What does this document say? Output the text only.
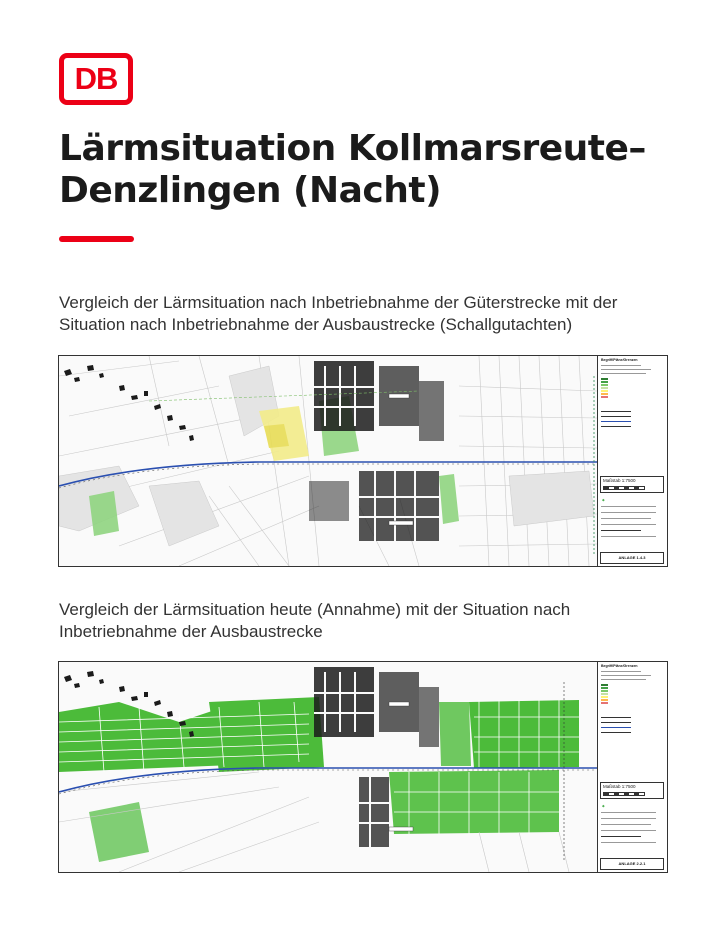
DB
Lärmsituation Kollmarsreute–
Denzlingen (Nacht)

Vergleich der Lärmsituation nach Inbetriebnahme der Güterstrecke mit der Situation nach Inbetriebnahme der Ausbaustrecke (Schallgutachten)

Begriff/Pläne/Grenzen
Maßstab 1:7500
◆
ANLAGE 1.4.3

Vergleich der Lärmsituation heute (Annahme) mit der Situation nach Inbetriebnahme der Ausbaustrecke

Begriff/Pläne/Grenzen
Maßstab 1:7500
◆
ANLAGE 2.2.1
